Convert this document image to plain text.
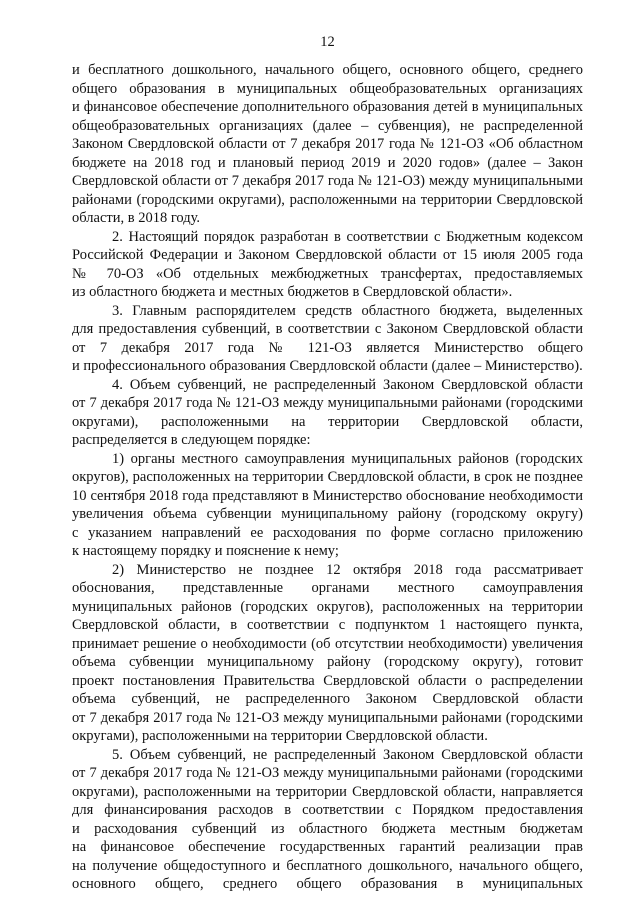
12
и бесплатного дошкольного, начального общего, основного общего, среднего
общего образования в муниципальных общеобразовательных организациях
и финансовое обеспечение дополнительного образования детей в муниципальных
общеобразовательных организациях (далее – субвенция), не распределенной
Законом Свердловской области от 7 декабря 2017 года № 121-ОЗ «Об областном
бюджете на 2018 год и плановый период 2019 и 2020 годов» (далее – Закон
Свердловской области от 7 декабря 2017 года № 121-ОЗ) между муниципальными
районами (городскими округами), расположенными на территории Свердловской
области, в 2018 году.
2. Настоящий порядок разработан в соответствии с Бюджетным кодексом
Российской Федерации и Законом Свердловской области от 15 июля 2005 года
№ 70-ОЗ «Об отдельных межбюджетных трансфертах, предоставляемых
из областного бюджета и местных бюджетов в Свердловской области».
3. Главным распорядителем средств областного бюджета, выделенных
для предоставления субвенций, в соответствии с Законом Свердловской области
от 7 декабря 2017 года № 121-ОЗ является Министерство общего
и профессионального образования Свердловской области (далее – Министерство).
4. Объем субвенций, не распределенный Законом Свердловской области
от 7 декабря 2017 года № 121-ОЗ между муниципальными районами (городскими
округами), расположенными на территории Свердловской области,
распределяется в следующем порядке:
1) органы местного самоуправления муниципальных районов (городских
округов), расположенных на территории Свердловской области, в срок не позднее
10 сентября 2018 года представляют в Министерство обоснование необходимости
увеличения объема субвенции муниципальному району (городскому округу)
с указанием направлений ее расходования по форме согласно приложению
к настоящему порядку и пояснение к нему;
2) Министерство не позднее 12 октября 2018 года рассматривает
обоснования, представленные органами местного самоуправления
муниципальных районов (городских округов), расположенных на территории
Свердловской области, в соответствии с подпунктом 1 настоящего пункта,
принимает решение о необходимости (об отсутствии необходимости) увеличения
объема субвенции муниципальному району (городскому округу), готовит
проект постановления Правительства Свердловской области о распределении
объема субвенций, не распределенного Законом Свердловской области
от 7 декабря 2017 года № 121-ОЗ между муниципальными районами (городскими
округами), расположенными на территории Свердловской области.
5. Объем субвенций, не распределенный Законом Свердловской области
от 7 декабря 2017 года № 121-ОЗ между муниципальными районами (городскими
округами), расположенными на территории Свердловской области, направляется
для финансирования расходов в соответствии с Порядком предоставления
и расходования субвенций из областного бюджета местным бюджетам
на финансовое обеспечение государственных гарантий реализации прав
на получение общедоступного и бесплатного дошкольного, начального общего,
основного общего, среднего общего образования в муниципальных
